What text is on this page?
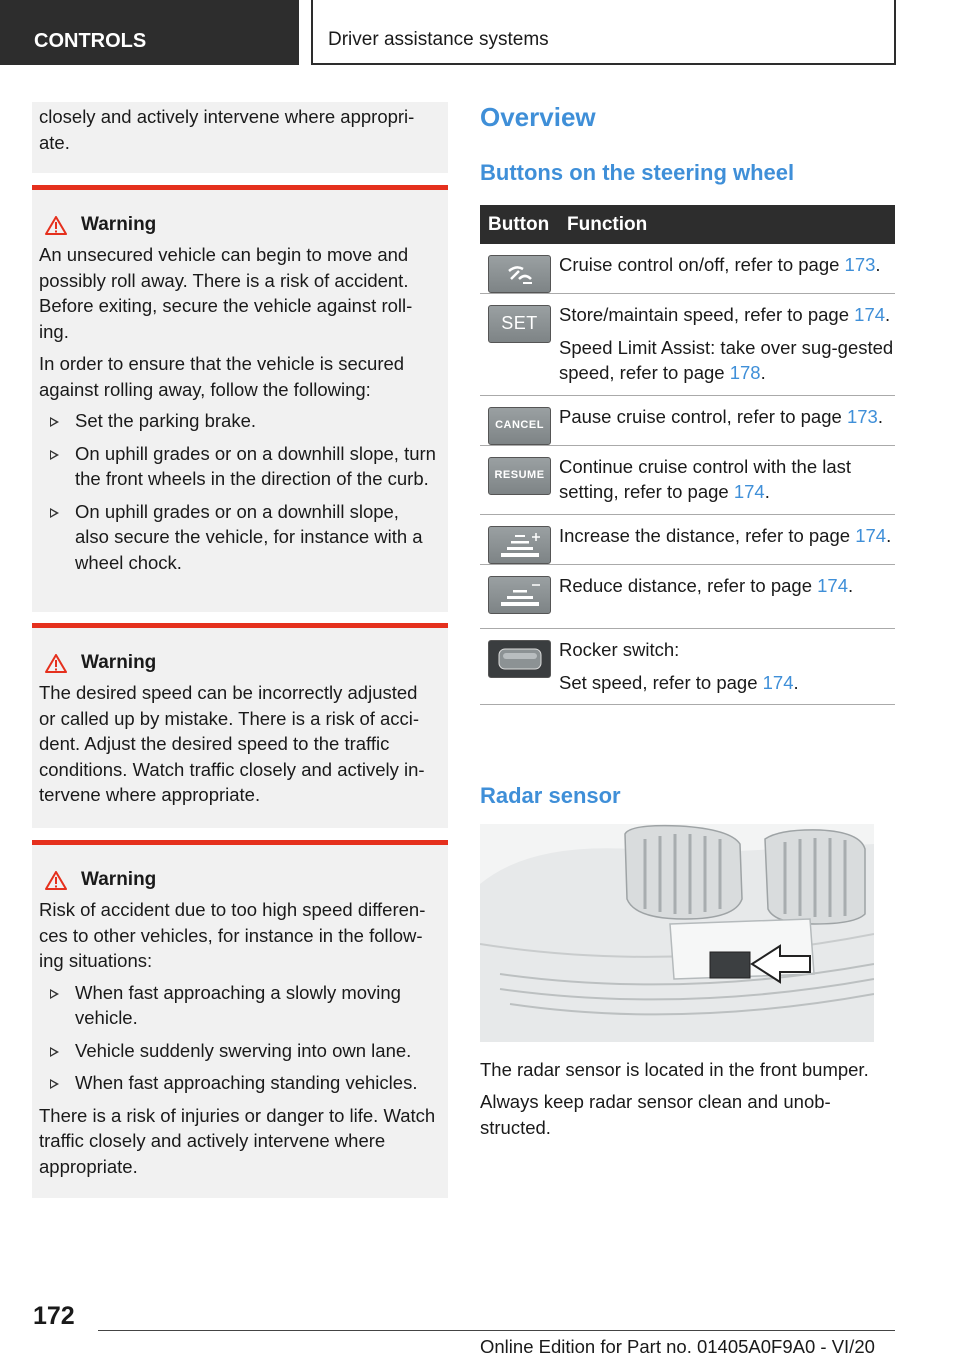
CONTROLS	Driver assistance systems

closely and actively intervene where appropri-ate.

Warning

An unsecured vehicle can begin to move and possibly roll away. There is a risk of accident. Before exiting, secure the vehicle against roll-ing.

In order to ensure that the vehicle is secured against rolling away, follow the following:

Set the parking brake.
On uphill grades or on a downhill slope, turn the front wheels in the direction of the curb.
On uphill grades or on a downhill slope, also secure the vehicle, for instance with a wheel chock.
Warning

The desired speed can be incorrectly adjusted or called up by mistake. There is a risk of acci-dent. Adjust the desired speed to the traffic conditions. Watch traffic closely and actively in-tervene where appropriate.

Warning

Risk of accident due to too high speed differen-ces to other vehicles, for instance in the follow-ing situations:

When fast approaching a slowly moving vehicle.
Vehicle suddenly swerving into own lane.
When fast approaching standing vehicles.

There is a risk of injuries or danger to life. Watch traffic closely and actively intervene where appropriate.

Overview
Buttons on the steering wheel
Button	Function

Cruise control on/off, refer to page 173.

SET	Store/maintain speed, refer to page 174.

Speed Limit Assist: take over sug-gested speed, refer to page 178.

CANCEL	Pause cruise control, refer to page 173.

RESUME	Continue cruise control with the last setting, refer to page 174.

Increase the distance, refer to page 174.

Reduce distance, refer to page 174.

Rocker switch:

Set speed, refer to page 174.

Radar sensor
The radar sensor is located in the front bumper.
Always keep radar sensor clean and unob-structed.
172
Online Edition for Part no. 01405A0F9A0 - VI/20
